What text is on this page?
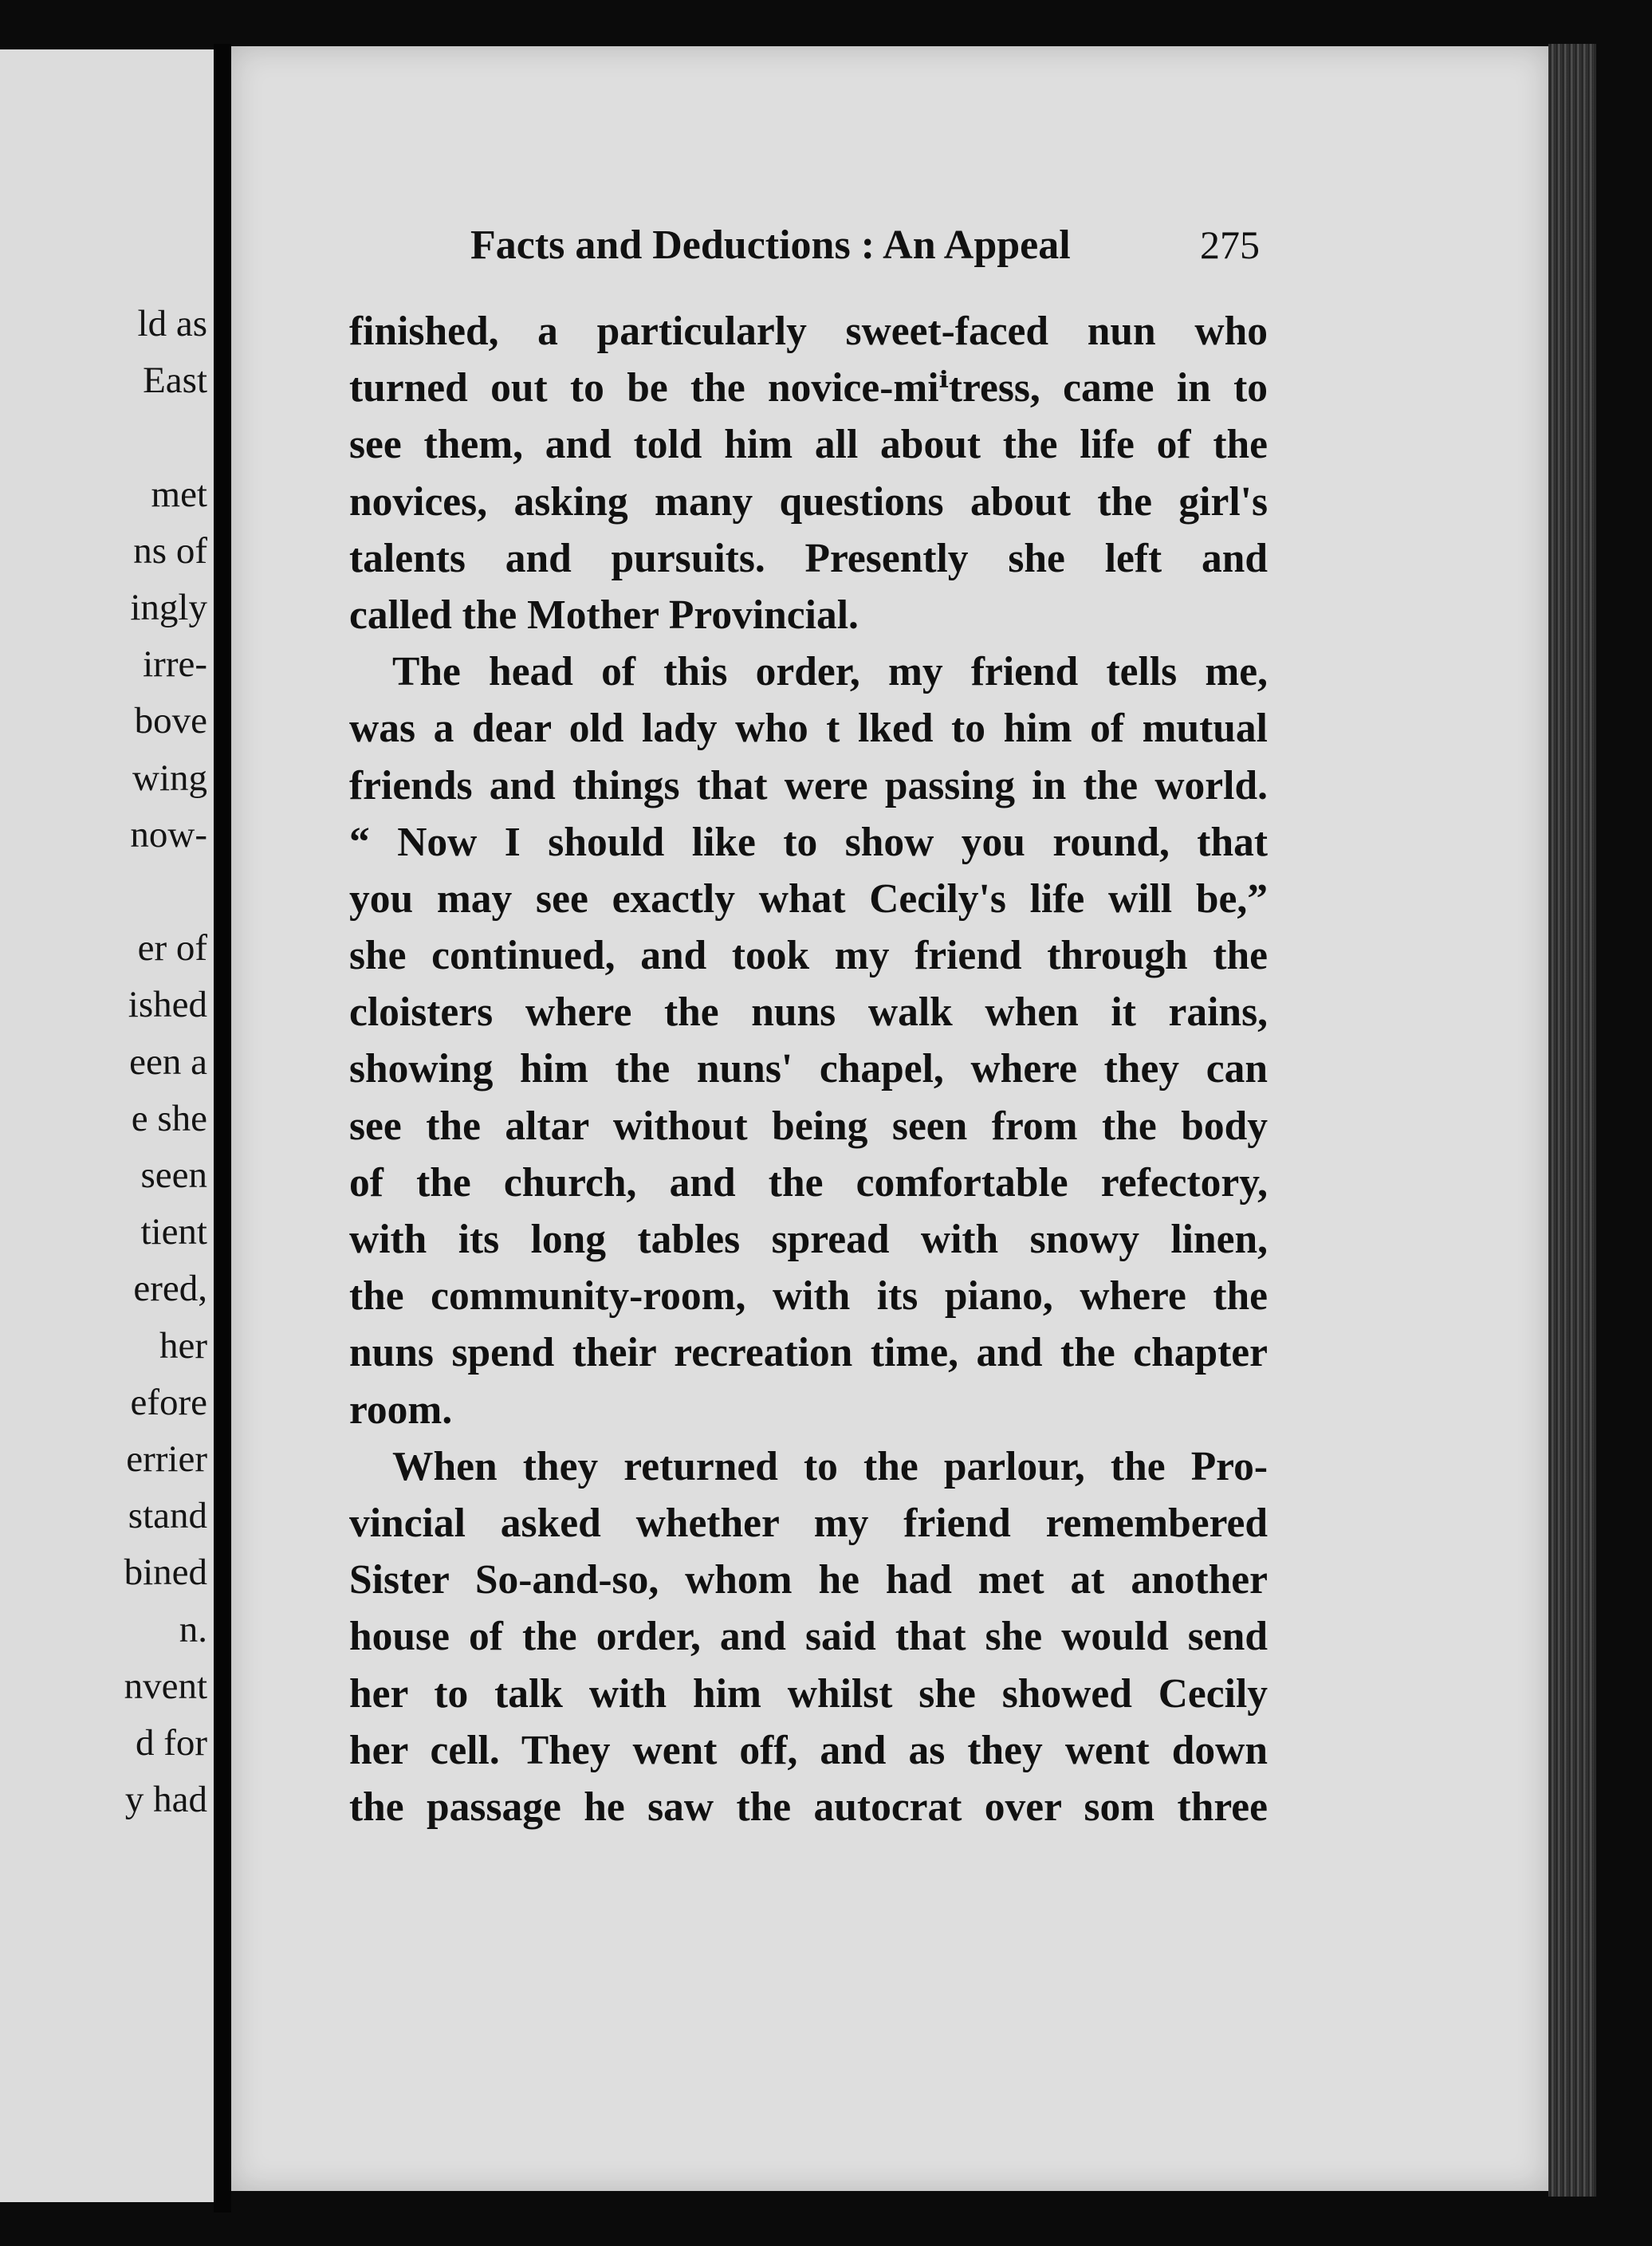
ld as
East
met
ns of
ingly
irre-
bove
wing
now-
er of
ished
een a
e she
seen
tient
ered,
her
efore
errier
stand
bined
n.
nvent
d for
y had
Facts and Deductions : An Appeal	275
finished, a particularly sweet-faced nun who
turned out to be the novice-miⁱtress, came in to
see them, and told him all about the life of the
novices, asking many questions about the girl's
talents and pursuits. Presently she left and
called the Mother Provincial.
The head of this order, my friend tells me,
was a dear old lady who t lked to him of mutual
friends and things that were passing in the world.
“ Now I should like to show you round, that
you may see exactly what Cecily's life will be,”
she continued, and took my friend through the
cloisters where the nuns walk when it rains,
showing him the nuns' chapel, where they can
see the altar without being seen from the body
of the church, and the comfortable refectory,
with its long tables spread with snowy linen,
the community-room, with its piano, where the
nuns spend their recreation time, and the chapter
room.
When they returned to the parlour, the Pro-
vincial asked whether my friend remembered
Sister So-and-so, whom he had met at another
house of the order, and said that she would send
her to talk with him whilst she showed Cecily
her cell. They went off, and as they went down
the passage he saw the autocrat over som three
